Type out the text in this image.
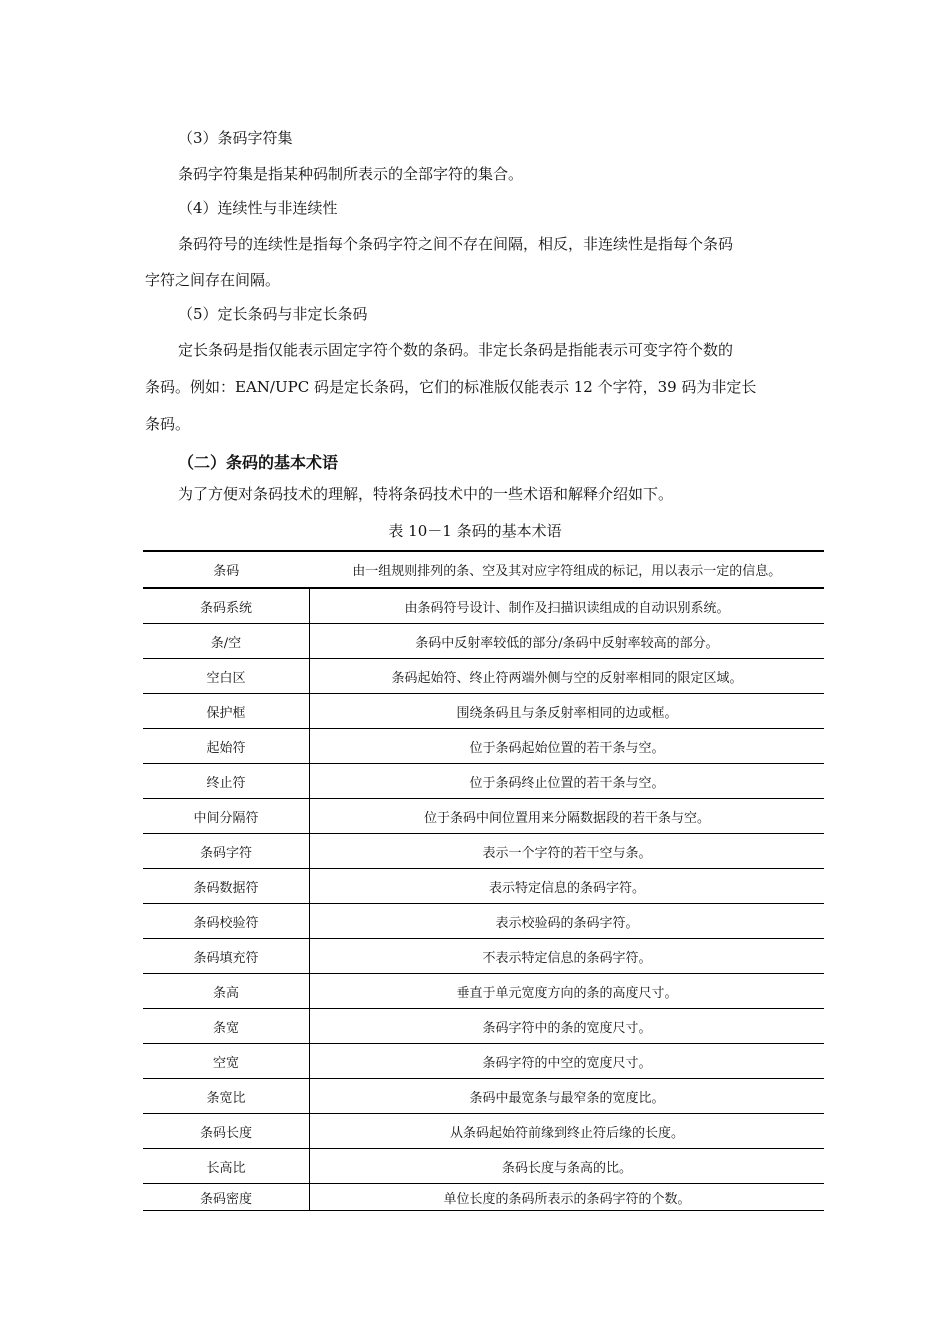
（3）条码字符集
条码字符集是指某种码制所表示的全部字符的集合。
（4）连续性与非连续性
条码符号的连续性是指每个条码字符之间不存在间隔，相反，非连续性是指每个条码
字符之间存在间隔。
（5）定长条码与非定长条码
定长条码是指仅能表示固定字符个数的条码。非定长条码是指能表示可变字符个数的
条码。例如：EAN/UPC 码是定长条码，它们的标准版仅能表示 12 个字符，39 码为非定长
条码。
（二）条码的基本术语
为了方便对条码技术的理解，特将条码技术中的一些术语和解释介绍如下。
表 10－1 条码的基本术语
条码	由一组规则排列的条、空及其对应字符组成的标记，用以表示一定的信息。
条码系统	由条码符号设计、制作及扫描识读组成的自动识别系统。
条/空	条码中反射率较低的部分/条码中反射率较高的部分。
空白区	条码起始符、终止符两端外侧与空的反射率相同的限定区域。
保护框	围绕条码且与条反射率相同的边或框。
起始符	位于条码起始位置的若干条与空。
终止符	位于条码终止位置的若干条与空。
中间分隔符	位于条码中间位置用来分隔数据段的若干条与空。
条码字符	表示一个字符的若干空与条。
条码数据符	表示特定信息的条码字符。
条码校验符	表示校验码的条码字符。
条码填充符	不表示特定信息的条码字符。
条高	垂直于单元宽度方向的条的高度尺寸。
条宽	条码字符中的条的宽度尺寸。
空宽	条码字符的中空的宽度尺寸。
条宽比	条码中最宽条与最窄条的宽度比。
条码长度	从条码起始符前缘到终止符后缘的长度。
长高比	条码长度与条高的比。
条码密度	单位长度的条码所表示的条码字符的个数。
